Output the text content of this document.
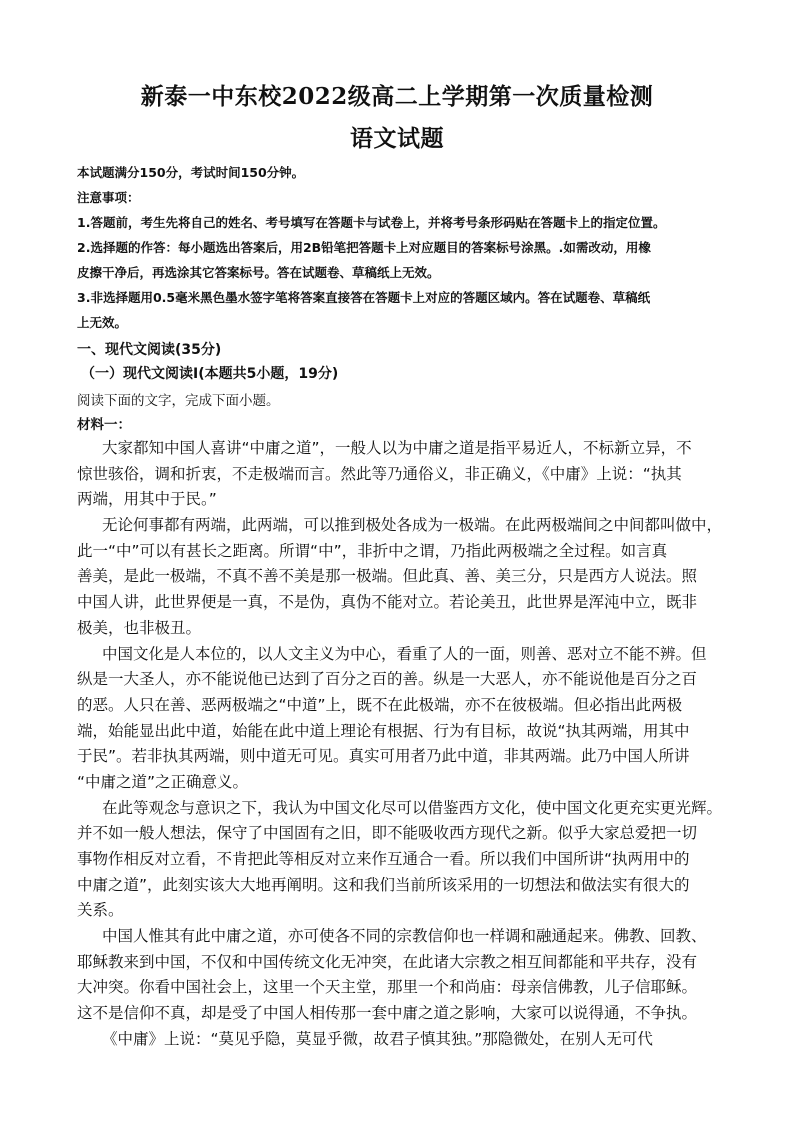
新泰一中东校2022级高二上学期第一次质量检测
语文试题
本试题满分150分，考试时间150分钟。
注意事项：
1.答题前，考生先将自己的姓名、考号填写在答题卡与试卷上，并将考号条形码贴在答题卡上的指定位置。
2.选择题的作答：每小题选出答案后，用2B铅笔把答题卡上对应题目的答案标号涂黑。.如需改动，用橡
皮擦干净后，再选涂其它答案标号。答在试题卷、草稿纸上无效。
3.非选择题用0.5毫米黑色墨水签字笔将答案直接答在答题卡上对应的答题区域内。答在试题卷、草稿纸
上无效。
一、现代文阅读(35分)
（一）现代文阅读Ⅰ(本题共5小题，19分)
阅读下面的文字，完成下面小题。
材料一：
大家都知中国人喜讲“中庸之道”，一般人以为中庸之道是指平易近人，不标新立异，不
惊世骇俗，调和折衷，不走极端而言。然此等乃通俗义，非正确义，《中庸》上说：“执其
两端，用其中于民。”
无论何事都有两端，此两端，可以推到极处各成为一极端。在此两极端间之中间都叫做中，
此一“中”可以有甚长之距离。所谓“中”，非折中之谓，乃指此两极端之全过程。如言真
善美，是此一极端，不真不善不美是那一极端。但此真、善、美三分，只是西方人说法。照
中国人讲，此世界便是一真，不是伪，真伪不能对立。若论美丑，此世界是浑沌中立，既非
极美，也非极丑。
中国文化是人本位的，以人文主义为中心，看重了人的一面，则善、恶对立不能不辨。但
纵是一大圣人，亦不能说他已达到了百分之百的善。纵是一大恶人，亦不能说他是百分之百
的恶。人只在善、恶两极端之“中道”上，既不在此极端，亦不在彼极端。但必指出此两极
端，始能显出此中道，始能在此中道上理论有根据、行为有目标，故说“执其两端，用其中
于民”。若非执其两端，则中道无可见。真实可用者乃此中道，非其两端。此乃中国人所讲
“中庸之道”之正确意义。
在此等观念与意识之下，我认为中国文化尽可以借鉴西方文化，使中国文化更充实更光辉。
并不如一般人想法，保守了中国固有之旧，即不能吸收西方现代之新。似乎大家总爱把一切
事物作相反对立看，不肯把此等相反对立来作互通合一看。所以我们中国所讲“执两用中的
中庸之道”，此刻实该大大地再阐明。这和我们当前所该采用的一切想法和做法实有很大的
关系。
中国人惟其有此中庸之道，亦可使各不同的宗教信仰也一样调和融通起来。佛教、回教、
耶稣教来到中国，不仅和中国传统文化无冲突，在此诸大宗教之相互间都能和平共存，没有
大冲突。你看中国社会上，这里一个天主堂，那里一个和尚庙：母亲信佛教，儿子信耶稣。
这不是信仰不真，却是受了中国人相传那一套中庸之道之影响，大家可以说得通，不争执。
《中庸》上说：“莫见乎隐，莫显乎微，故君子慎其独。”那隐微处，在别人无可代
